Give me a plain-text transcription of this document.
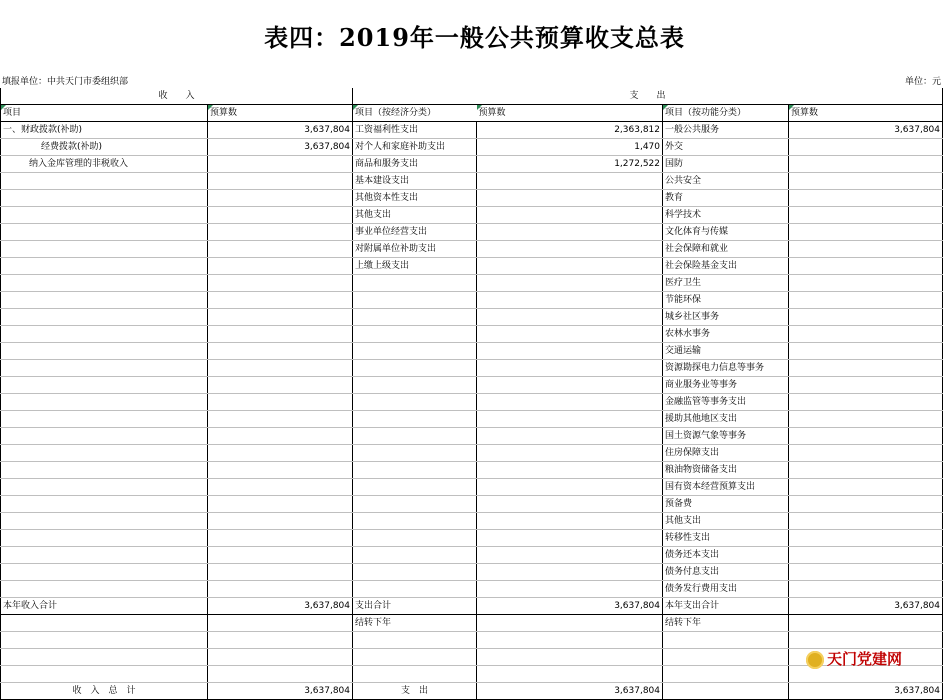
表四：2019年一般公共预算收支总表
填报单位：中共天门市委组织部	单位：元
收　　入		支　　出			
项目	预算数	项目（按经济分类）	预算数	项目（按功能分类）	预算数
一、财政拨款(补助)	3,637,804	工资福利性支出	2,363,812	一般公共服务	3,637,804
经费拨款(补助)	3,637,804	对个人和家庭补助支出	1,470	外交	
纳入金库管理的非税收入		商品和服务支出	1,272,522	国防	
		基本建设支出		公共安全	
		其他资本性支出		教育	
		其他支出		科学技术	
		事业单位经营支出		文化体育与传媒	
		对附属单位补助支出		社会保障和就业	
		上缴上级支出		社会保险基金支出	
				医疗卫生	
				节能环保	
				城乡社区事务	
				农林水事务	
				交通运输	
				资源勘探电力信息等事务	
				商业服务业等事务	
				金融监管等事务支出	
				援助其他地区支出	
				国土资源气象等事务	
				住房保障支出	
				粮油物资储备支出	
				国有资本经营预算支出	
				预备费	
				其他支出	
				转移性支出	
				债务还本支出	
				债务付息支出	
				债务发行费用支出	
本年收入合计	3,637,804	支出合计	3,637,804	本年支出合计	3,637,804
		结转下年		结转下年	

收　入　总　计	3,637,804	支　出	3,637,804		3,637,804
天门党建网
